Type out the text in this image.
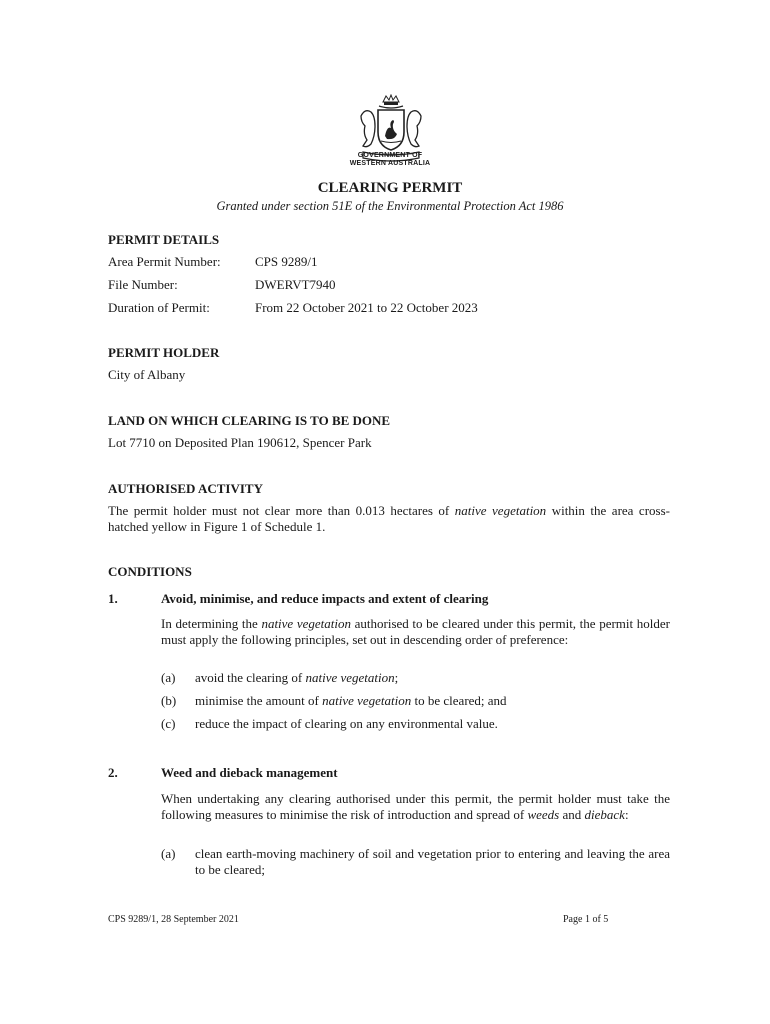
GOVERNMENT OF
WESTERN AUSTRALIA
CLEARING PERMIT
Granted under section 51E of the Environmental Protection Act 1986
PERMIT DETAILS
Area Permit Number:	CPS 9289/1
File Number:	DWERVT7940
Duration of Permit:	From 22 October 2021 to 22 October 2023
PERMIT HOLDER
City of Albany
LAND ON WHICH CLEARING IS TO BE DONE
Lot 7710 on Deposited Plan 190612, Spencer Park
AUTHORISED ACTIVITY
The permit holder must not clear more than 0.013 hectares of native vegetation within the area cross-hatched yellow in Figure 1 of Schedule 1.
CONDITIONS
1.	Avoid, minimise, and reduce impacts and extent of clearing
In determining the native vegetation authorised to be cleared under this permit, the permit holder must apply the following principles, set out in descending order of preference:
(a) avoid the clearing of native vegetation;
(b) minimise the amount of native vegetation to be cleared; and
(c) reduce the impact of clearing on any environmental value.
2.	Weed and dieback management
When undertaking any clearing authorised under this permit, the permit holder must take the following measures to minimise the risk of introduction and spread of weeds and dieback:
(a) clean earth-moving machinery of soil and vegetation prior to entering and leaving the area to be cleared;
CPS 9289/1, 28 September 2021	Page 1 of 5
